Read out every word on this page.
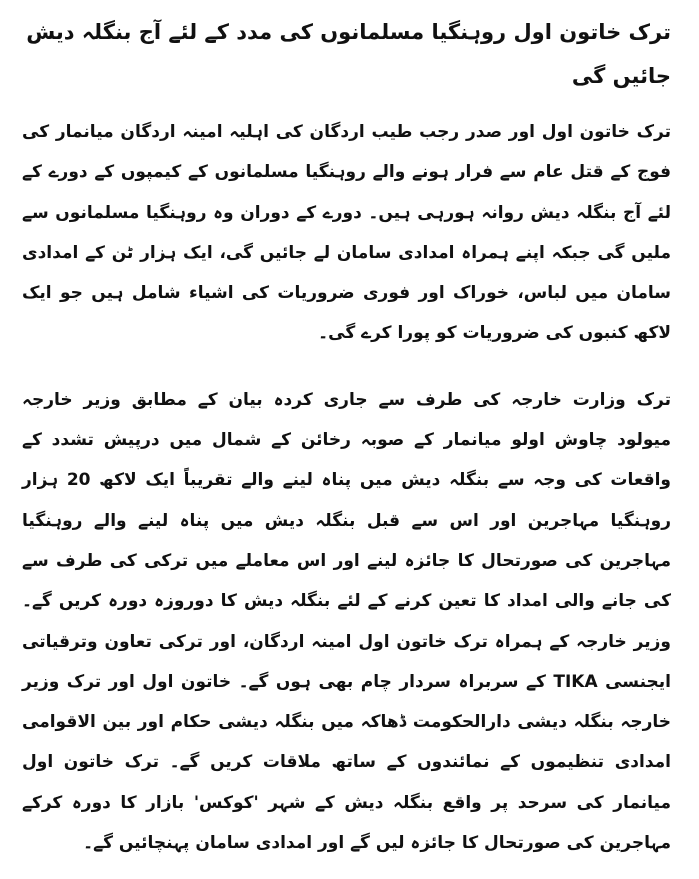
ترک خاتون اول روہنگیا مسلمانوں کی مدد کے لئے آج بنگلہ دیش جائیں گی
ترک خاتون اول اور صدر رجب طیب اردگان کی اہلیہ امینہ اردگان میانمار کی فوج کے قتل عام سے فرار ہونے والے روہنگیا مسلمانوں کے کیمپوں کے دورے کے لئے آج بنگلہ دیش روانہ ہورہی ہیں۔ دورے کے دوران وہ روہنگیا مسلمانوں سے ملیں گی جبکہ اپنے ہمراہ امدادی سامان لے جائیں گی، ایک ہزار ٹن کے امدادی سامان میں لباس، خوراک اور فوری ضروریات کی اشیاء شامل ہیں جو ایک لاکھ کنبوں کی ضروریات کو پورا کرے گی۔
ترک وزارت خارجہ کی طرف سے جاری کردہ بیان کے مطابق وزیر خارجہ میولود چاوش اولو میانمار کے صوبہ رخائن کے شمال میں درپیش تشدد کے واقعات کی وجہ سے بنگلہ دیش میں پناہ لینے والے تقریباً ایک لاکھ 20 ہزار روہنگیا مہاجرین اور اس سے قبل بنگلہ دیش میں پناہ لینے والے روہنگیا مہاجرین کی صورتحال کا جائزہ لینے اور اس معاملے میں ترکی کی طرف سے کی جانے والی امداد کا تعین کرنے کے لئے بنگلہ دیش کا دوروزہ دورہ کریں گے۔ وزیر خارجہ کے ہمراہ ترک خاتون اول امینہ اردگان، اور ترکی تعاون وترقیاتی ایجنسی TIKA کے سربراہ سردار چام بھی ہوں گے۔ خاتون اول اور ترک وزیر خارجہ بنگلہ دیشی دارالحکومت ڈھاکہ میں بنگلہ دیشی حکام اور بین الاقوامی امدادی تنظیموں کے نمائندوں کے ساتھ ملاقات کریں گے۔ ترک خاتون اول میانمار کی سرحد پر واقع بنگلہ دیش کے شہر 'کوکس' بازار کا دورہ کرکے مہاجرین کی صورتحال کا جائزہ لیں گے اور امدادی سامان پہنچائیں گے۔
